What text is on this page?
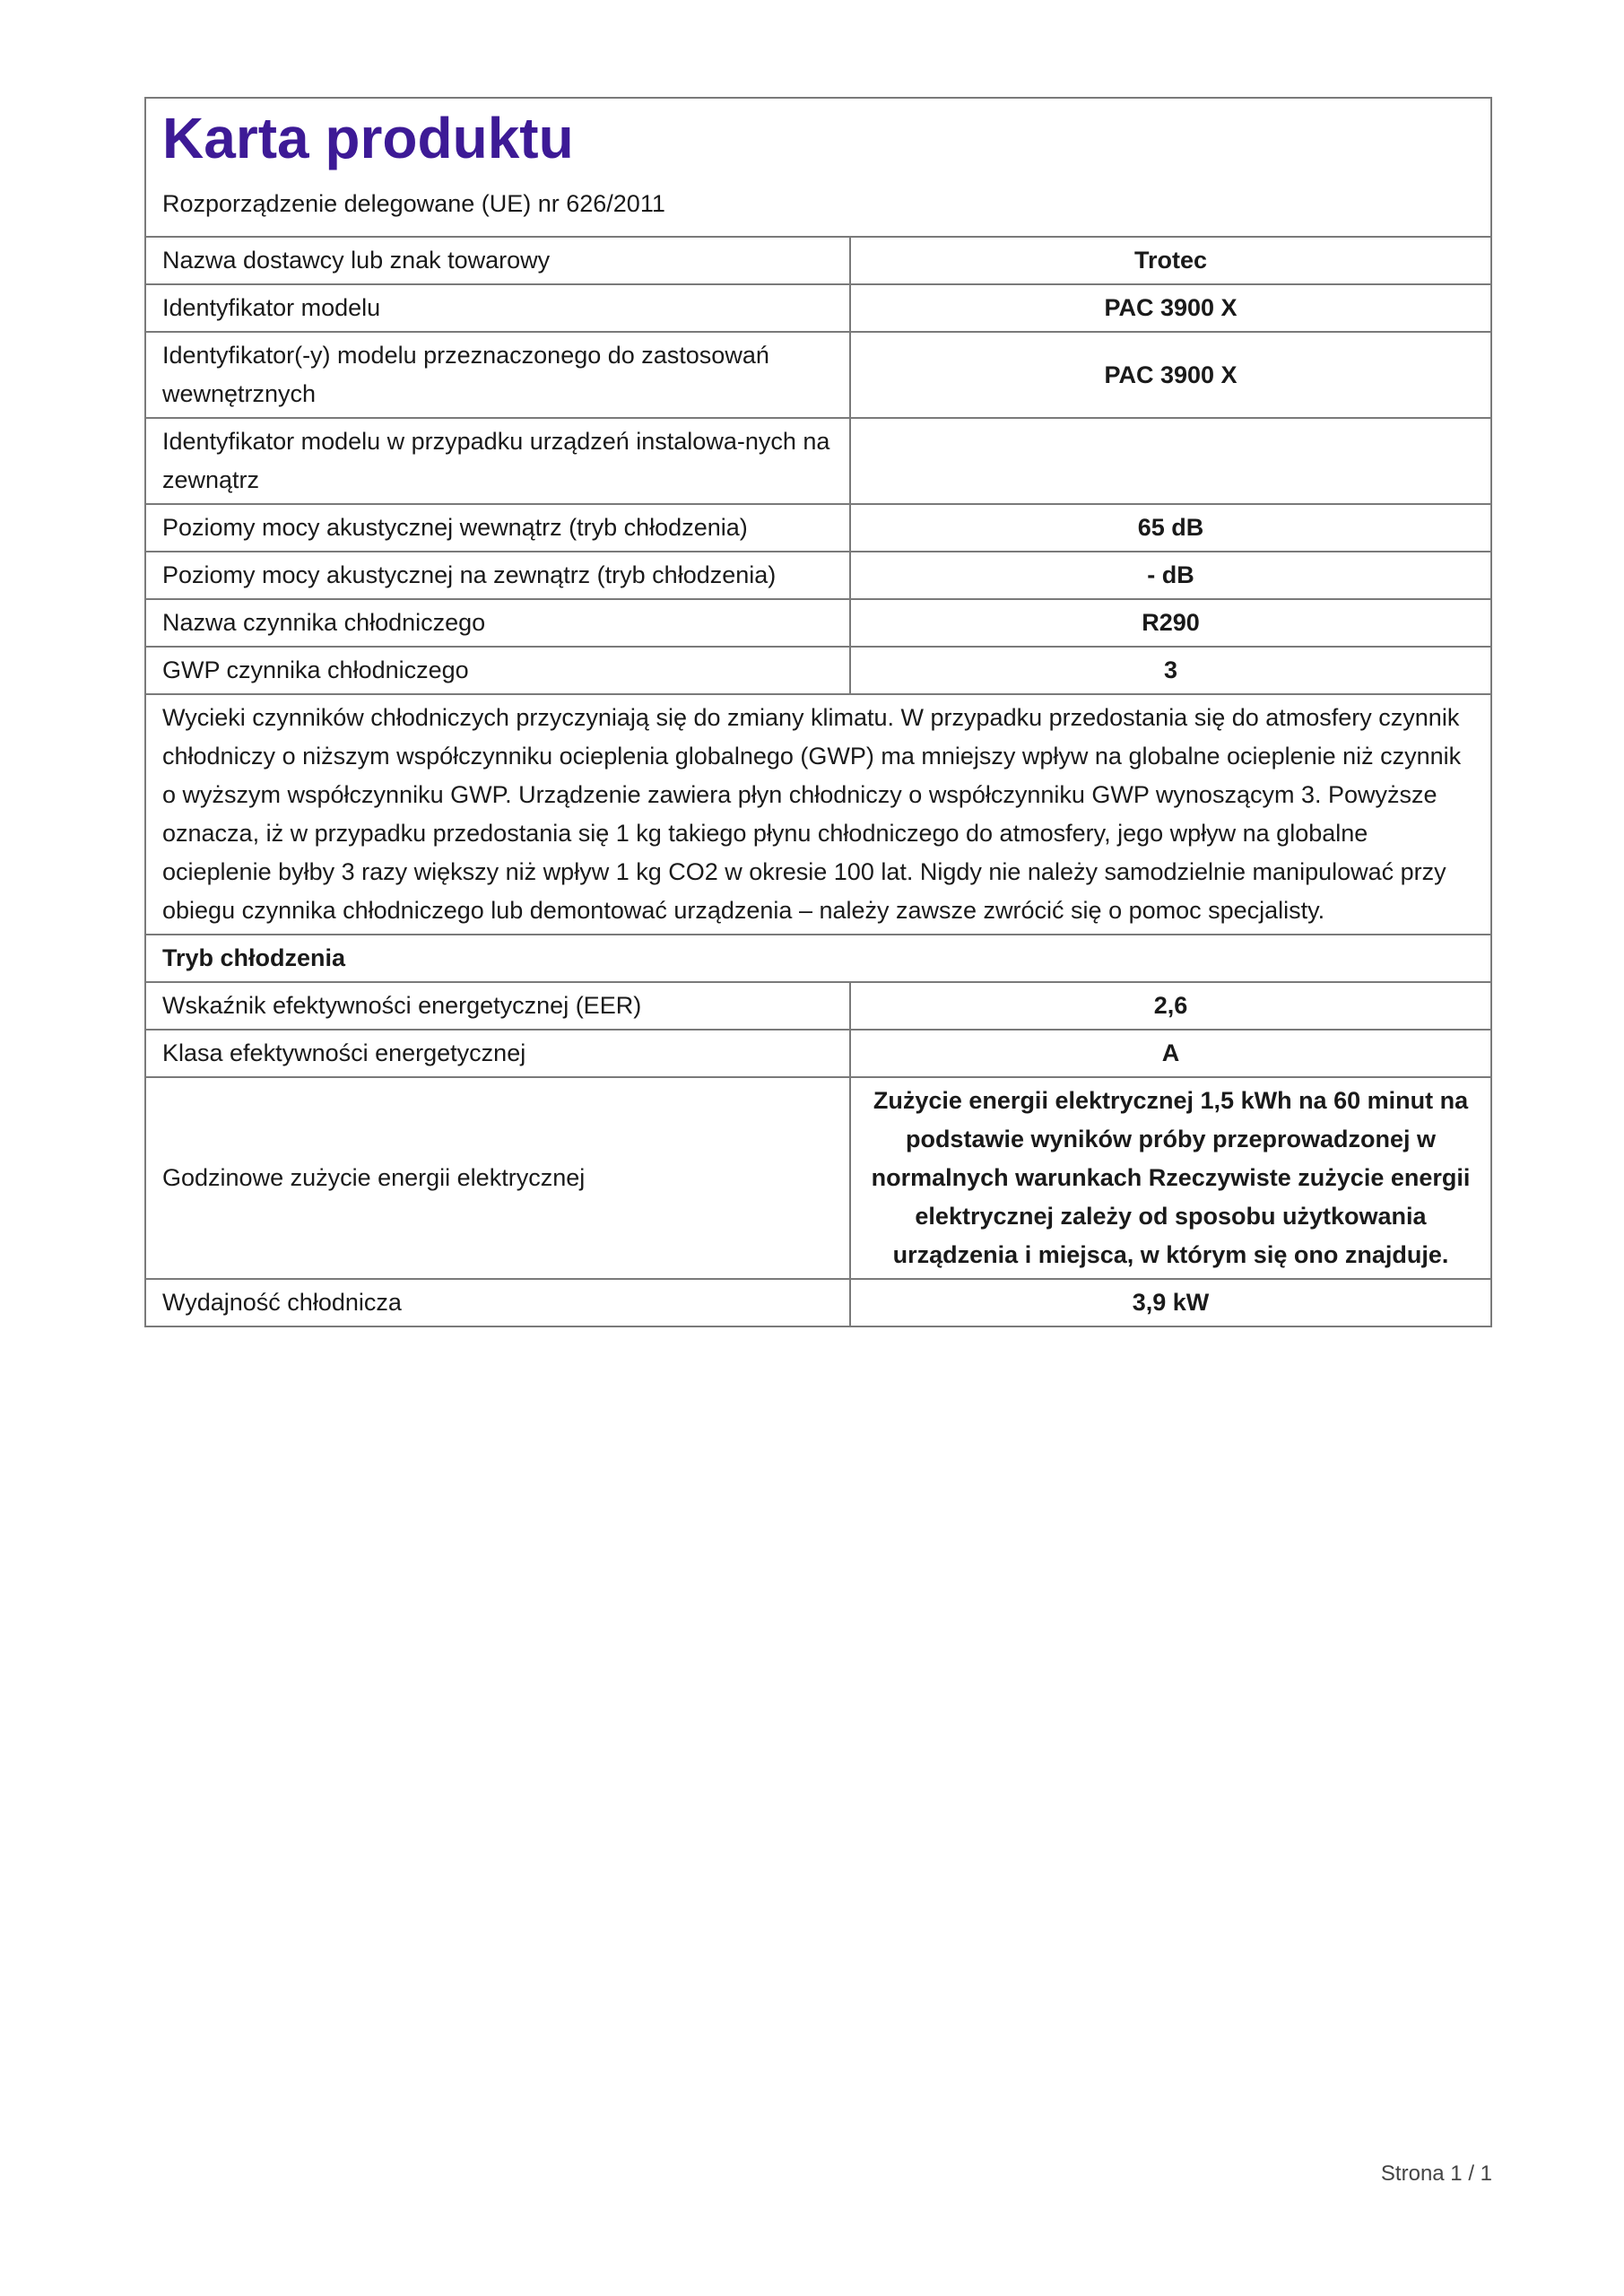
Karta produktu
Rozporządzenie delegowane (UE) nr 626/2011
Nazwa dostawcy lub znak towarowy	Trotec
Identyfikator modelu	PAC 3900 X
Identyfikator(-y) modelu przeznaczonego do zastosowań wewnętrznych	PAC 3900 X
Identyfikator modelu w przypadku urządzeń instalowa-nych na zewnątrz	
Poziomy mocy akustycznej wewnątrz (tryb chłodzenia)	65 dB
Poziomy mocy akustycznej na zewnątrz (tryb chłodzenia)	- dB
Nazwa czynnika chłodniczego	R290
GWP czynnika chłodniczego	3
Wycieki czynników chłodniczych przyczyniają się do zmiany klimatu. W przypadku przedostania się do atmosfery czynnik chłodniczy o niższym współczynniku ocieplenia globalnego (GWP) ma mniejszy wpływ na globalne ocieplenie niż czynnik o wyższym współczynniku GWP. Urządzenie zawiera płyn chłodniczy o współczynniku GWP wynoszącym 3. Powyższe oznacza, iż w przypadku przedostania się 1 kg takiego płynu chłodniczego do atmosfery, jego wpływ na globalne ocieplenie byłby 3 razy większy niż wpływ 1 kg CO2 w okresie 100 lat. Nigdy nie należy samodzielnie manipulować przy obiegu czynnika chłodniczego lub demontować urządzenia – należy zawsze zwrócić się o pomoc specjalisty.	
Tryb chłodzenia	
Wskaźnik efektywności energetycznej (EER)	2,6
Klasa efektywności energetycznej	A
Godzinowe zużycie energii elektrycznej	Zużycie energii elektrycznej 1,5 kWh na 60 minut na podstawie wyników próby przeprowadzonej w normalnych warunkach Rzeczywiste zużycie energii elektrycznej zależy od sposobu użytkowania urządzenia i miejsca, w którym się ono znajduje.
Wydajność chłodnicza	3,9 kW
Strona 1 / 1
